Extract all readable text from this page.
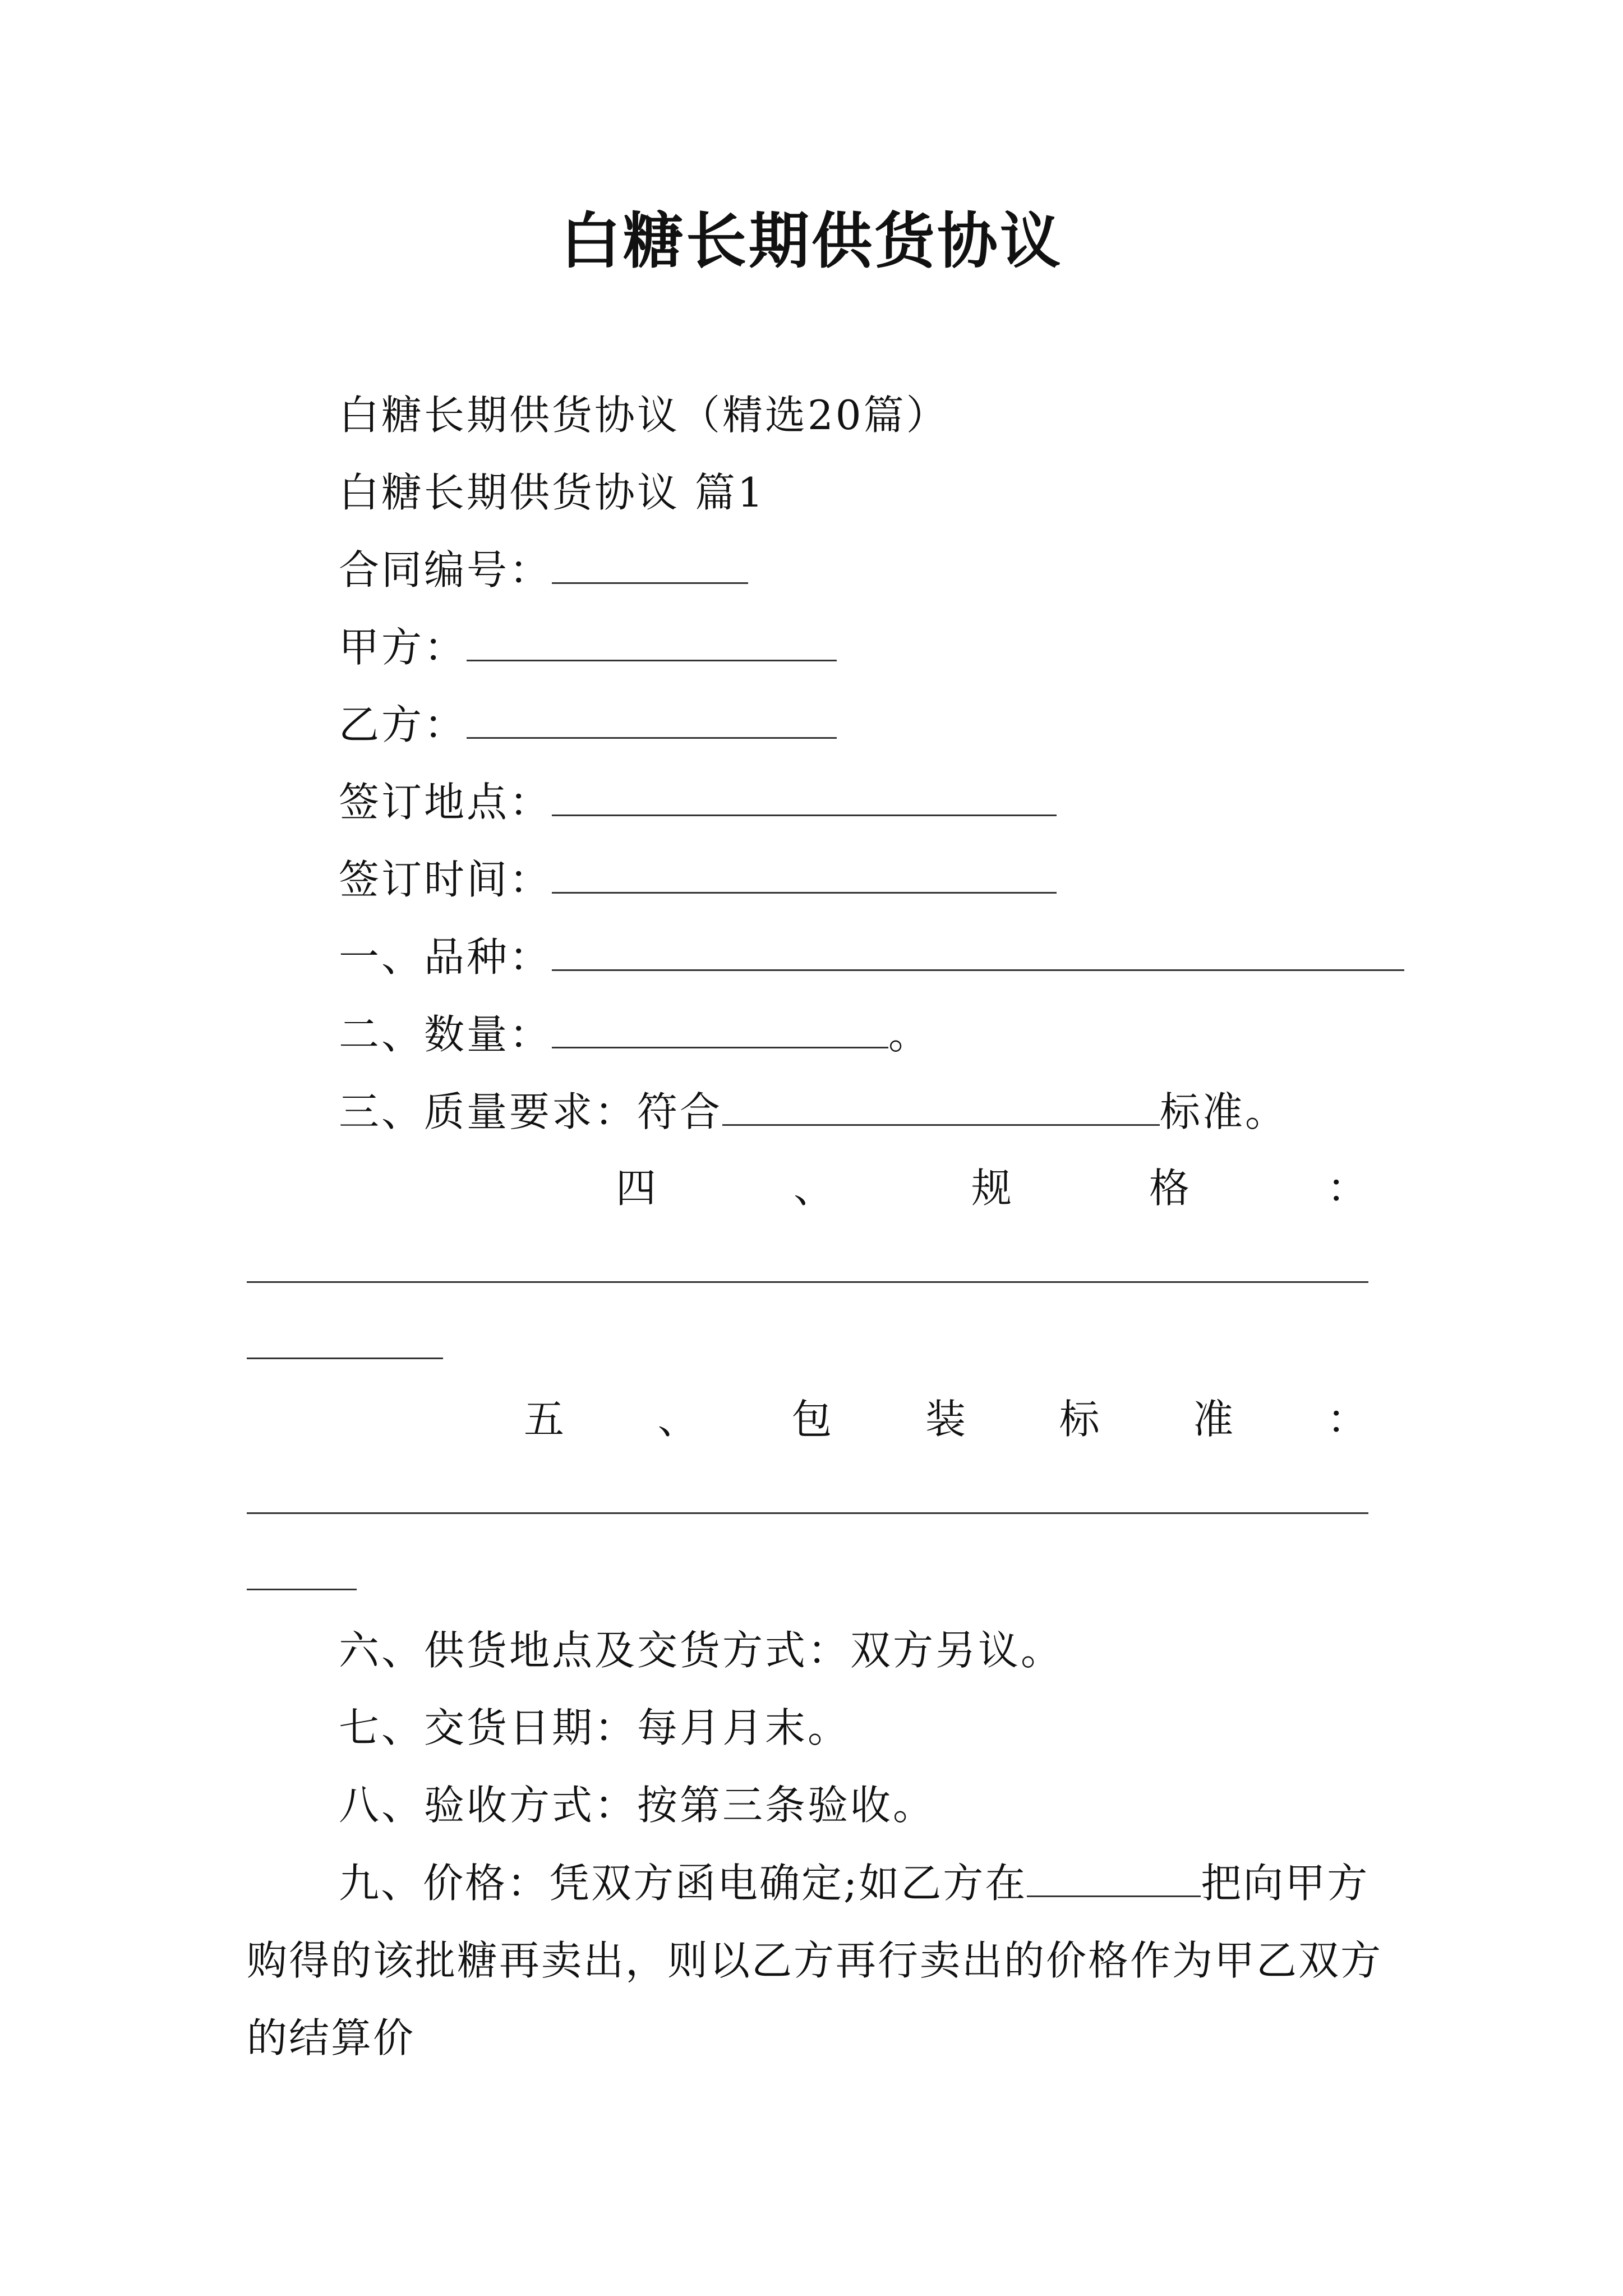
白糖长期供货协议
白糖长期供货协议（精选20篇）
白糖长期供货协议 篇1
合同编号：
甲方：
乙方：
签订地点：
签订时间：
一、品种：
二、数量：	。
三、质量要求：符合	标准。
四	、	规	格	：
五 、 包 装 标 准 ：
六、供货地点及交货方式：双方另议。
七、交货日期：每月月末。
八、验收方式：按第三条验收。
九、价格：凭双方函电确定;如乙方在	把向甲方购得的该批糖再卖出，则以乙方再行卖出的价格作为甲乙双方的结算价
